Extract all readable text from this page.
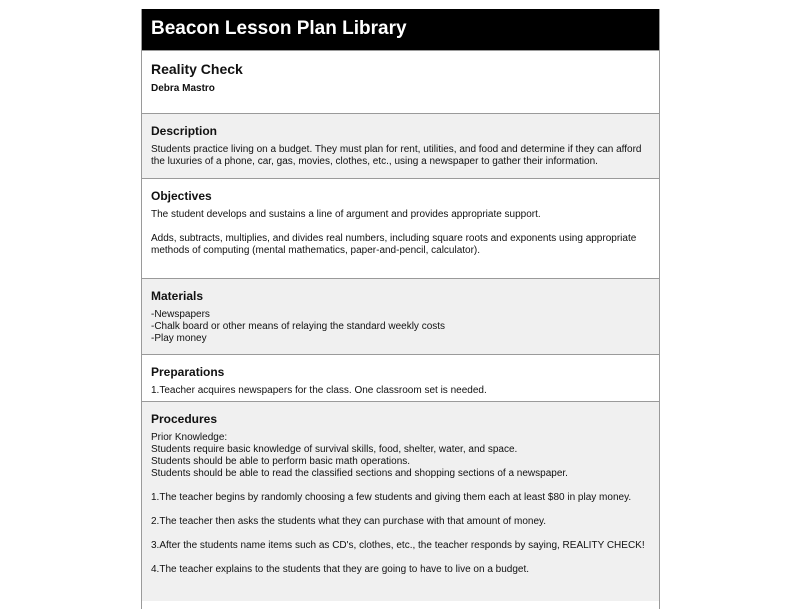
Beacon Lesson Plan Library
Reality Check
Debra Mastro
Description

Students practice living on a budget. They must plan for rent, utilities, and food and determine if they can afford the luxuries of a phone, car, gas, movies, clothes, etc., using a newspaper to gather their information.

Objectives

The student develops and sustains a line of argument and provides appropriate support.

Adds, subtracts, multiplies, and divides real numbers, including square roots and exponents using appropriate methods of computing (mental mathematics, paper-and-pencil, calculator).

Materials

-Newspapers

-Chalk board or other means of relaying the standard weekly costs

-Play money

Preparations

1.Teacher acquires newspapers for the class. One classroom set is needed.

Procedures

Prior Knowledge:

Students require basic knowledge of survival skills, food, shelter, water, and space.

Students should be able to perform basic math operations.

Students should be able to read the classified sections and shopping sections of a newspaper.

1.The teacher begins by randomly choosing a few students and giving them each at least $80 in play money.

2.The teacher then asks the students what they can purchase with that amount of money.

3.After the students name items such as CD's, clothes, etc., the teacher responds by saying, REALITY CHECK!

4.The teacher explains to the students that they are going to have to live on a budget.
